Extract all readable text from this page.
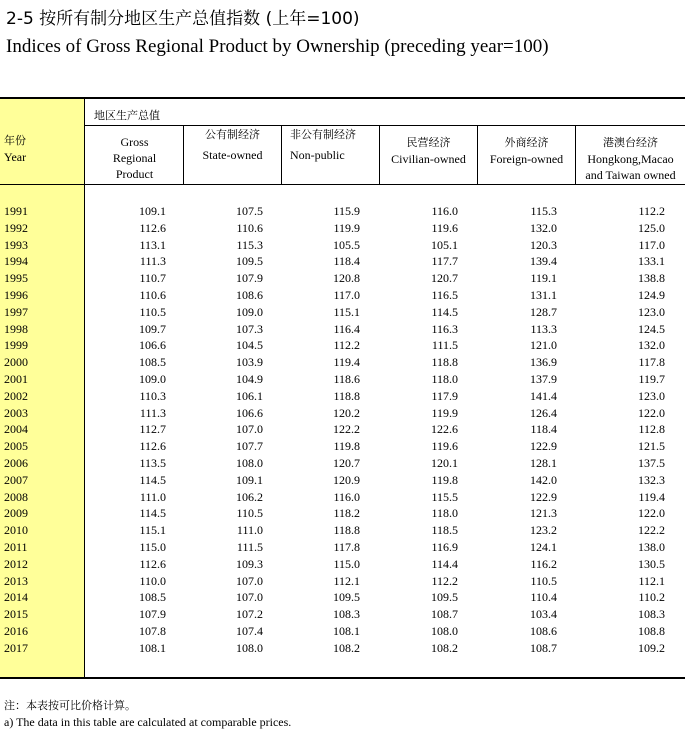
2-5 按所有制分地区生产总值指数 (上年=100)
Indices of Gross Regional Product by Ownership (preceding year=100)
年份
Year
地区生产总值
Gross
Regional
Product
公有制经济
State-owned
非公有制经济
Non-public
民营经济
Civilian-owned
外商经济
Foreign-owned
港澳台经济
Hongkong,Macao
and Taiwan owned
1991	109.1	107.5	115.9	116.0	115.3	112.2
1992	112.6	110.6	119.9	119.6	132.0	125.0
1993	113.1	115.3	105.5	105.1	120.3	117.0
1994	111.3	109.5	118.4	117.7	139.4	133.1
1995	110.7	107.9	120.8	120.7	119.1	138.8
1996	110.6	108.6	117.0	116.5	131.1	124.9
1997	110.5	109.0	115.1	114.5	128.7	123.0
1998	109.7	107.3	116.4	116.3	113.3	124.5
1999	106.6	104.5	112.2	111.5	121.0	132.0
2000	108.5	103.9	119.4	118.8	136.9	117.8
2001	109.0	104.9	118.6	118.0	137.9	119.7
2002	110.3	106.1	118.8	117.9	141.4	123.0
2003	111.3	106.6	120.2	119.9	126.4	122.0
2004	112.7	107.0	122.2	122.6	118.4	112.8
2005	112.6	107.7	119.8	119.6	122.9	121.5
2006	113.5	108.0	120.7	120.1	128.1	137.5
2007	114.5	109.1	120.9	119.8	142.0	132.3
2008	111.0	106.2	116.0	115.5	122.9	119.4
2009	114.5	110.5	118.2	118.0	121.3	122.0
2010	115.1	111.0	118.8	118.5	123.2	122.2
2011	115.0	111.5	117.8	116.9	124.1	138.0
2012	112.6	109.3	115.0	114.4	116.2	130.5
2013	110.0	107.0	112.1	112.2	110.5	112.1
2014	108.5	107.0	109.5	109.5	110.4	110.2
2015	107.9	107.2	108.3	108.7	103.4	108.3
2016	107.8	107.4	108.1	108.0	108.6	108.8
2017	108.1	108.0	108.2	108.2	108.7	109.2
注：本表按可比价格计算。
a) The data in this table are calculated at comparable prices.
